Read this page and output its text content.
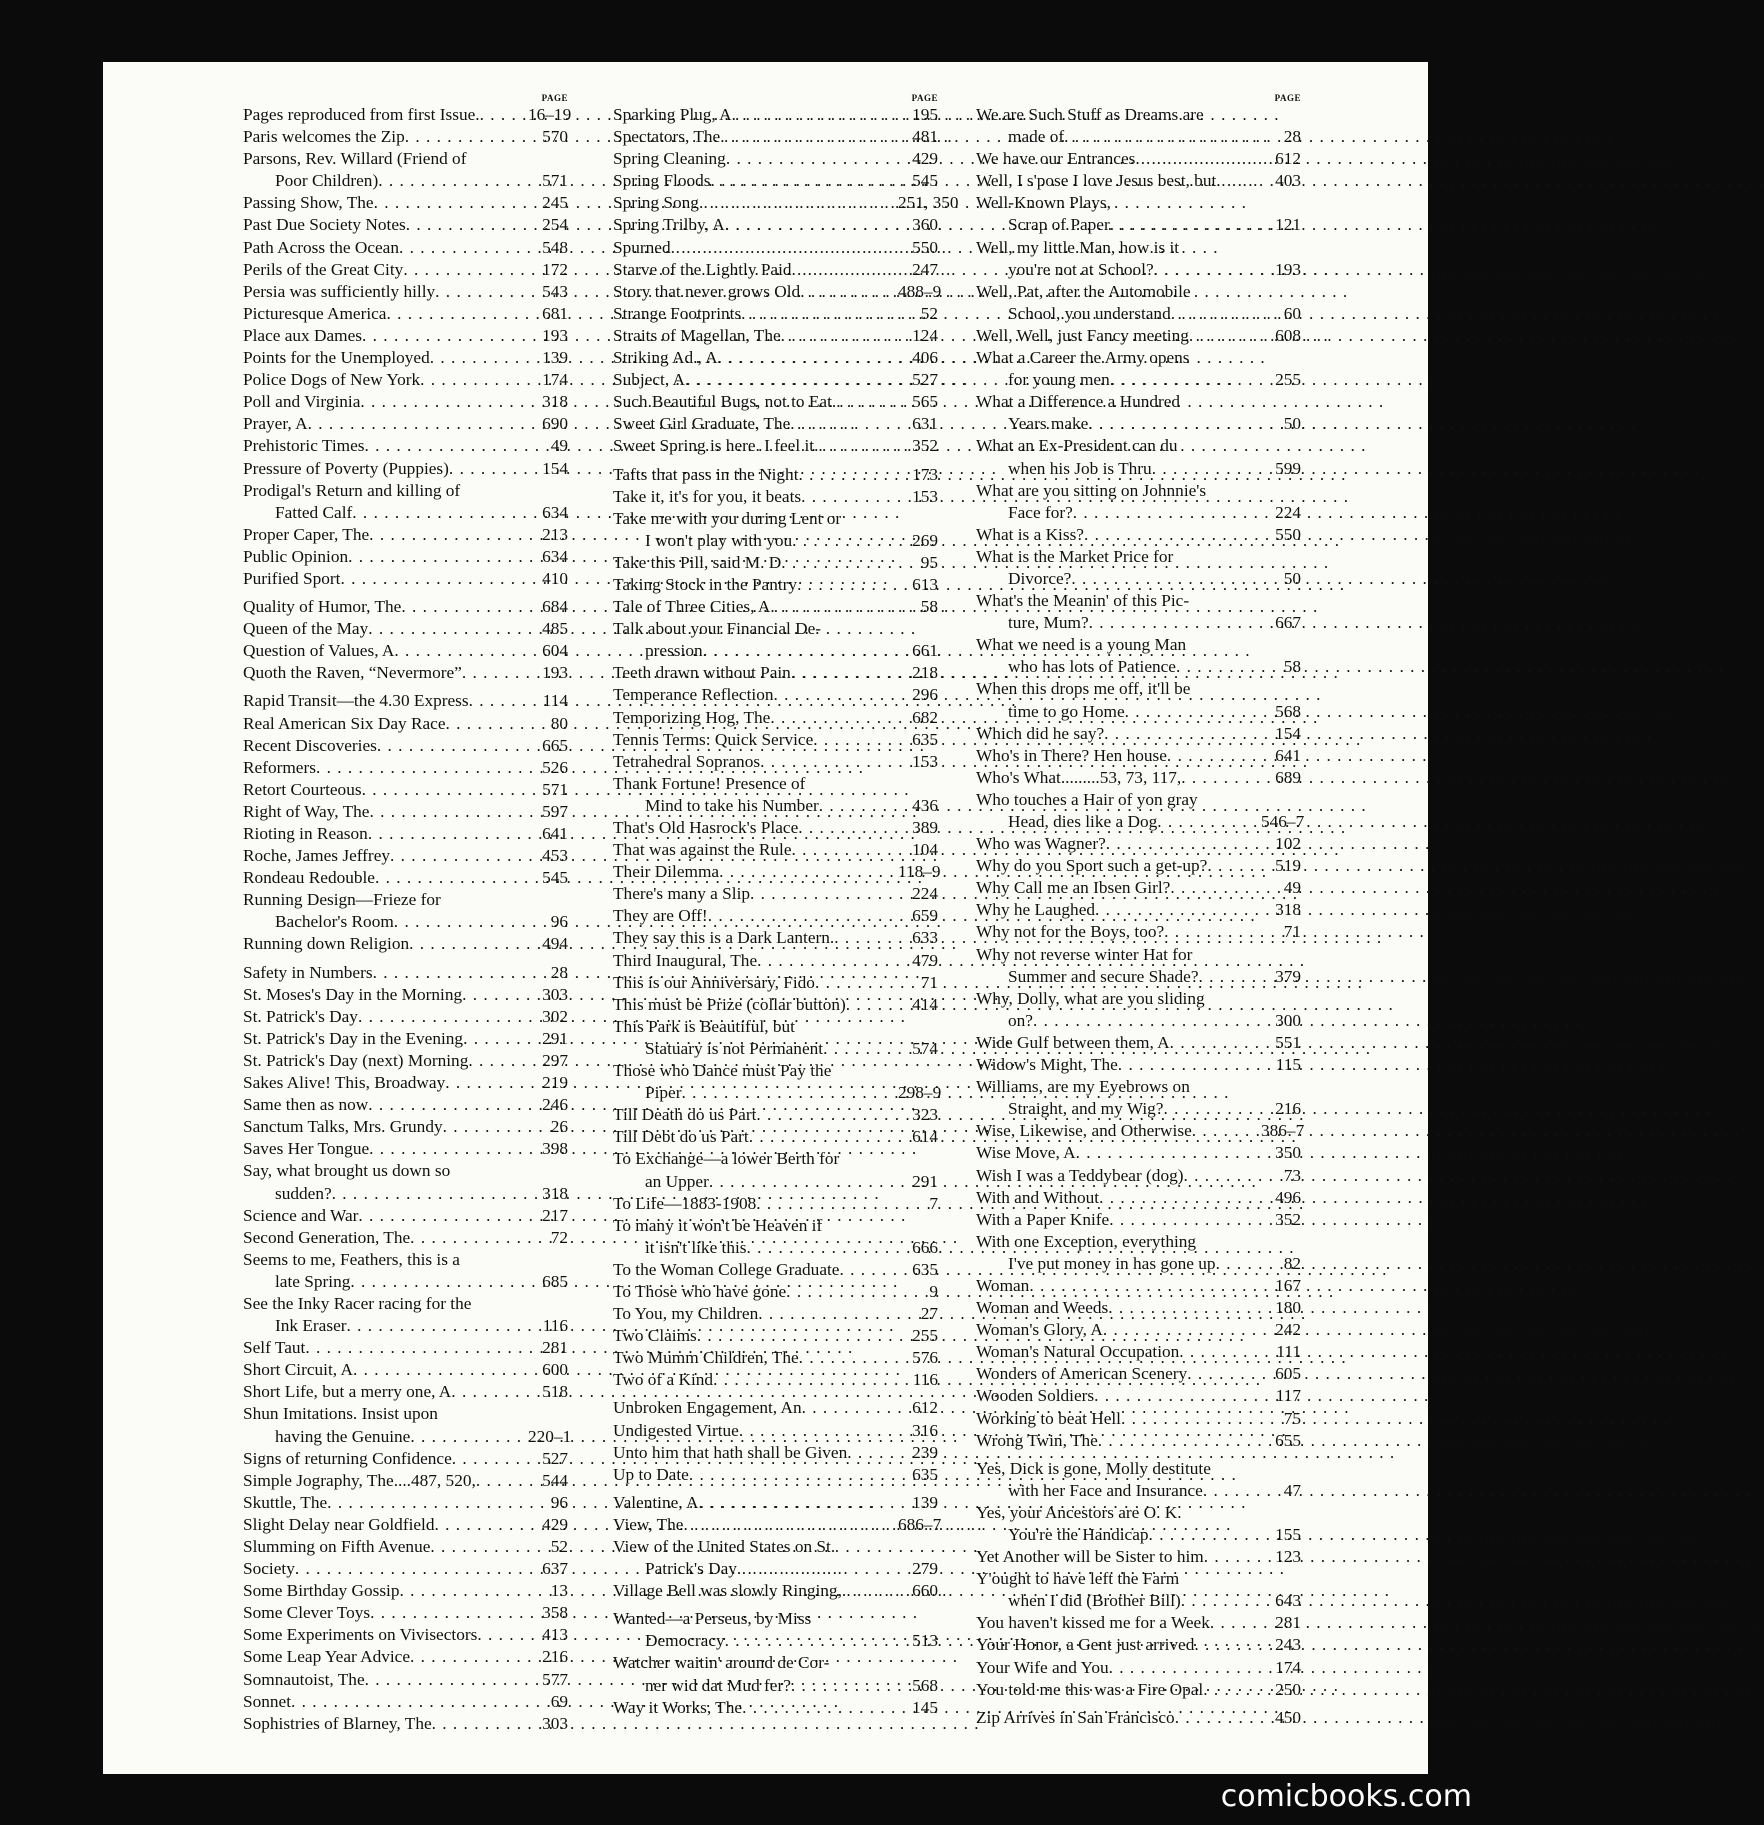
PAGE
Pages reproduced from first Issue. . . .	16–19
Paris welcomes the Zip . . .	570
Parsons, Rev. Willard (Friend of
Poor Children) . . .	571
Passing Show, The . . .	245
Past Due Society Notes . . .	254
Path Across the Ocean . . .	548
Perils of the Great City . . .	172
Persia was sufficiently hilly . . .	543
Picturesque America . . .	681
Place aux Dames . . .	193
Points for the Unemployed . . .	139
Police Dogs of New York . . .	174
Poll and Virginia . . .	318
Prayer, A . . .	690
Prehistoric Times . . .	49
Pressure of Poverty (Puppies) . . .	154
Prodigal's Return and killing of
Fatted Calf . . .	634
Proper Caper, The . . .	213
Public Opinion . . .	634
Purified Sport . . .	410
Quality of Humor, The . . .	684
Queen of the May . . .	485
Question of Values, A . . .	604
Quoth the Raven, “Nevermore” . . .	193
Rapid Transit—the 4.30 Express . . .	114
Real American Six Day Race . . .	80
Recent Discoveries . . .	665
Reformers . . .	526
Retort Courteous . . .	571
Right of Way, The . . .	597
Rioting in Reason . . .	641
Roche, James Jeffrey . . .	453
Rondeau Redouble . . .	545
Running Design—Frieze for
Bachelor's Room . . .	96
Running down Religion . . .	494
Safety in Numbers . . .	28
St. Moses's Day in the Morning . . .	303
St. Patrick's Day . . .	302
St. Patrick's Day in the Evening . . .	291
St. Patrick's Day (next) Morning . . .	297
Sakes Alive! This, Broadway . . .	219
Same then as now . . .	246
Sanctum Talks, Mrs. Grundy . . .	26
Saves Her Tongue . . .	398
Say, what brought us down so
sudden? . . .	318
Science and War . . .	217
Second Generation, The . . .	72
Seems to me, Feathers, this is a
late Spring . . .	685
See the Inky Racer racing for the
Ink Eraser . . .	116
Self Taut . . .	281
Short Circuit, A . . .	600
Short Life, but a merry one, A . . .	518
Shun Imitations. Insist upon
having the Genuine . . .	220–1
Signs of returning Confidence . . .	527
Simple Jography, The....487, 520, . . .	544
Skuttle, The . . .	96
Slight Delay near Goldfield . . .	429
Slumming on Fifth Avenue . . .	52
Society . . .	637
Some Birthday Gossip . . .	13
Some Clever Toys . . .	358
Some Experiments on Vivisectors . . .	413
Some Leap Year Advice . . .	216
Somnautoist, The . . .	577
Sonnet . . .	69
Sophistries of Blarney, The . . .	303
PAGE
Sparking Plug, A . . .	195
Spectators, The . . .	481
Spring Cleaning . . .	429
Spring Floods . . .	545
Spring Song . . .	251, 350
Spring Trilby, A . . .	360
Spurned . . .	550
Starve of the Lightly Paid . . .	247
Story that never grows Old . . .	488–9
Strange Footprints . . .	52
Straits of Magellan, The . . .	124
Striking Ad., A . . .	406
Subject, A . . .	527
Such Beautiful Bugs, not to Eat. . . .	565
Sweet Girl Graduate, The . . .	631
Sweet Spring is here. I feel it. . . .	352
Tafts that pass in the Night . . .	173
Take it, it's for you, it beats . . .	153
Take me with you during Lent or
I won't play with you . . .	269
Take this Pill, said M. D . . .	95
Taking Stock in the Pantry . . .	613
Tale of Three Cities, A . . .	58
Talk about your Financial De-
pression . . .	661
Teeth drawn without Pain . . .	218
Temperance Reflection . . .	296
Temporizing Hog, The . . .	682
Tennis Terms: Quick Service . . .	635
Tetrahedral Sopranos . . .	153
Thank Fortune! Presence of
Mind to take his Number . . .	436
That's Old Hasrock's Place . . .	389
That was against the Rule . . .	104
Their Dilemma . . .	118–9
There's many a Slip . . .	224
They are Off! . . .	659
They say this is a Dark Lantern. . . .	633
Third Inaugural, The . . .	479
This is our Anniversary, Fido . . .	71
This must be Prize (collar button) . . .	414
This Park is Beautiful, but
Statuary is not Permanent . . .	574
Those who Dance must Pay the
Piper . . .	298–9
Till Death do us Part . . .	323
Till Debt do us Part . . .	614
To Exchange—a lower Berth for
an Upper . . .	291
To Life—1883-1908 . . .	7
To many it won't be Heaven if
it isn't like this . . .	666
To the Woman College Graduate . . .	635
To Those who have gone . . .	9
To You, my Children . . .	27
Two Claims . . .	255
Two Mumm Children, The . . .	576
Two of a Kind . . .	116
Unbroken Engagement, An . . .	612
Undigested Virtue . . .	316
Unto him that hath shall be Given . . .	239
Up to Date . . .	635
Valentine, A . . .	139
View, The . . .	686–7
View of the United States on St.
Patrick's Day . . .	279
Village Bell was slowly Ringing, . . .	660
Wanted—a Perseus, by Miss
Democracy . . .	513
Watcher waitin' around de Cor-
ner wid dat Mud fer? . . .	568
Way it Works, The . . .	145
PAGE
We are Such Stuff as Dreams are
made of . . .	28
We have our Entrances . . .	612
Well, I s'pose I love Jesus best, but . . .	403
Well-Known Plays,
Scrap of Paper . . .	121
Well, my little Man, how is it
you're not at School? . . .	193
Well, Pat, after the Automobile
School, you understand . . .	60
Well, Well, just Fancy meeting . . .	608
What a Career the Army opens
for young men . . .	255
What a Difference a Hundred
Years make . . .	50
What an Ex-President can du
when his Job is Thru . . .	599
What are you sitting on Johnnie's
Face for? . . .	224
What is a Kiss? . . .	550
What is the Market Price for
Divorce? . . .	50
What's the Meanin' of this Pic-
ture, Mum? . . .	667
What we need is a young Man
who has lots of Patience . . .	58
When this drops me off, it'll be
time to go Home . . .	568
Which did he say? . . .	154
Who's in There? Hen house . . .	641
Who's What.........53, 73, 117, . . .	689
Who touches a Hair of yon gray
Head, dies like a Dog . . .	546–7
Who was Wagner? . . .	102
Why do you Sport such a get-up? . . .	519
Why Call me an Ibsen Girl? . . .	49
Why he Laughed . . .	318
Why not for the Boys, too? . . .	71
Why not reverse winter Hat for
Summer and secure Shade? . . .	379
Why, Dolly, what are you sliding
on? . . .	300
Wide Gulf between them, A . . .	551
Widow's Might, The . . .	115
Williams, are my Eyebrows on
Straight, and my Wig? . . .	216
Wise, Likewise, and Otherwise . . .	386–7
Wise Move, A . . .	350
Wish I was a Teddybear (dog) . . .	73
With and Without . . .	496
With a Paper Knife . . .	352
With one Exception, everything
I've put money in has gone up . . .	82
Woman . . .	167
Woman and Weeds . . .	180
Woman's Glory, A . . .	242
Woman's Natural Occupation . . .	111
Wonders of American Scenery . . .	605
Wooden Soldiers . . .	117
Working to beat Hell . . .	75
Wrong Twin, The . . .	655
Yes, Dick is gone, Molly destitute
with her Face and Insurance . . .	47
Yes, your Ancestors are O. K.
You're the Handicap . . .	155
Yet Another will be Sister to him . . .	123
Y'ought to have left the Farm
when I did (Brother Bill) . . .	643
You haven't kissed me for a Week . . .	281
Your Honor, a Gent just arrived . . .	243
Your Wife and You . . .	174
You told me this was a Fire Opal . . .	250
Zip Arrives in San Francisco . . .	450
comicbooks.com
